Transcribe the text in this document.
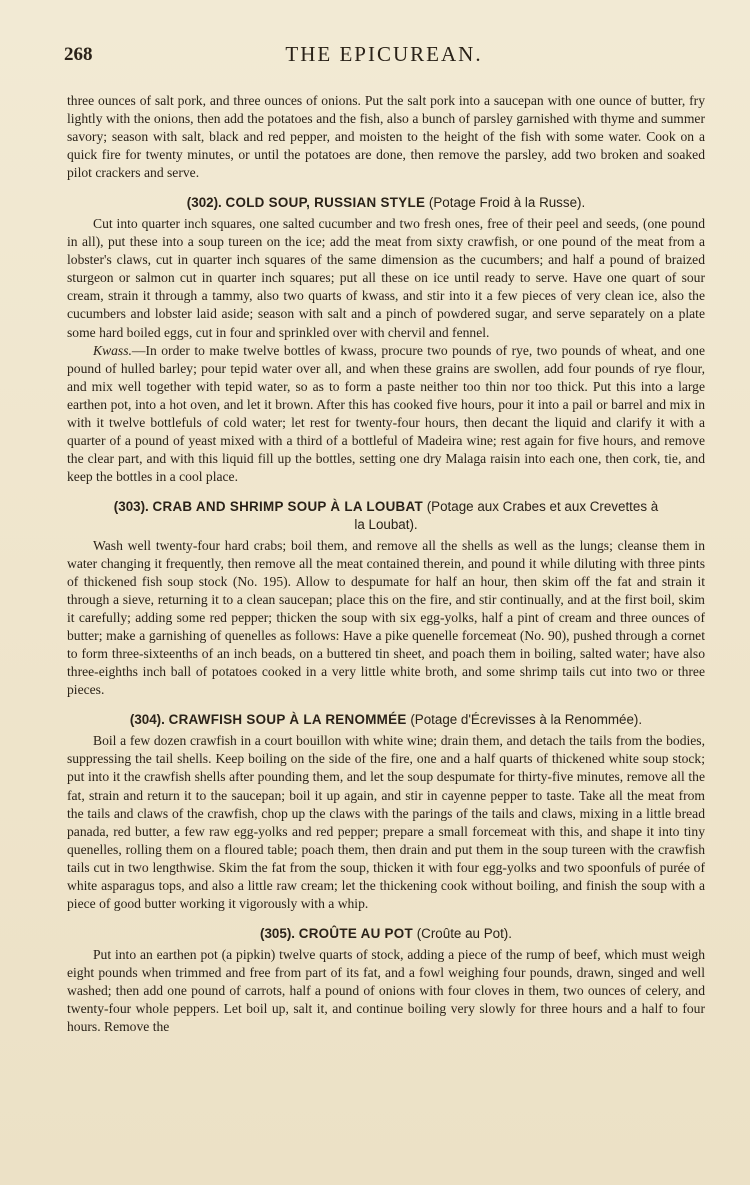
268	THE EPICUREAN.

three ounces of salt pork, and three ounces of onions. Put the salt pork into a saucepan with one ounce of butter, fry lightly with the onions, then add the potatoes and the fish, also a bunch of parsley garnished with thyme and summer savory; season with salt, black and red pepper, and moisten to the height of the fish with some water. Cook on a quick fire for twenty minutes, or until the potatoes are done, then remove the parsley, add two broken and soaked pilot crackers and serve.

(302). COLD SOUP, RUSSIAN STYLE (Potage Froid à la Russe).

Cut into quarter inch squares, one salted cucumber and two fresh ones, free of their peel and seeds, (one pound in all), put these into a soup tureen on the ice; add the meat from sixty crawfish, or one pound of the meat from a lobster's claws, cut in quarter inch squares of the same dimension as the cucumbers; and half a pound of braized sturgeon or salmon cut in quarter inch squares; put all these on ice until ready to serve. Have one quart of sour cream, strain it through a tammy, also two quarts of kwass, and stir into it a few pieces of very clean ice, also the cucumbers and lobster laid aside; season with salt and a pinch of powdered sugar, and serve separately on a plate some hard boiled eggs, cut in four and sprinkled over with chervil and fennel.

Kwass.—In order to make twelve bottles of kwass, procure two pounds of rye, two pounds of wheat, and one pound of hulled barley; pour tepid water over all, and when these grains are swollen, add four pounds of rye flour, and mix well together with tepid water, so as to form a paste neither too thin nor too thick. Put this into a large earthen pot, into a hot oven, and let it brown. After this has cooked five hours, pour it into a pail or barrel and mix in with it twelve bottlefuls of cold water; let rest for twenty-four hours, then decant the liquid and clarify it with a quarter of a pound of yeast mixed with a third of a bottleful of Madeira wine; rest again for five hours, and remove the clear part, and with this liquid fill up the bottles, setting one dry Malaga raisin into each one, then cork, tie, and keep the bottles in a cool place.

(303). CRAB AND SHRIMP SOUP À LA LOUBAT (Potage aux Crabes et aux Crevettes à la Loubat).

Wash well twenty-four hard crabs; boil them, and remove all the shells as well as the lungs; cleanse them in water changing it frequently, then remove all the meat contained therein, and pound it while diluting with three pints of thickened fish soup stock (No. 195). Allow to despumate for half an hour, then skim off the fat and strain it through a sieve, returning it to a clean saucepan; place this on the fire, and stir continually, and at the first boil, skim it carefully; adding some red pepper; thicken the soup with six egg-yolks, half a pint of cream and three ounces of butter; make a garnishing of quenelles as follows: Have a pike quenelle forcemeat (No. 90), pushed through a cornet to form three-sixteenths of an inch beads, on a buttered tin sheet, and poach them in boiling, salted water; have also three-eighths inch ball of potatoes cooked in a very little white broth, and some shrimp tails cut into two or three pieces.

(304). CRAWFISH SOUP À LA RENOMMÉE (Potage d'Écrevisses à la Renommée).

Boil a few dozen crawfish in a court bouillon with white wine; drain them, and detach the tails from the bodies, suppressing the tail shells. Keep boiling on the side of the fire, one and a half quarts of thickened white soup stock; put into it the crawfish shells after pounding them, and let the soup despumate for thirty-five minutes, remove all the fat, strain and return it to the saucepan; boil it up again, and stir in cayenne pepper to taste. Take all the meat from the tails and claws of the crawfish, chop up the claws with the parings of the tails and claws, mixing in a little bread panada, red butter, a few raw egg-yolks and red pepper; prepare a small forcemeat with this, and shape it into tiny quenelles, rolling them on a floured table; poach them, then drain and put them in the soup tureen with the crawfish tails cut in two lengthwise. Skim the fat from the soup, thicken it with four egg-yolks and two spoonfuls of purée of white asparagus tops, and also a little raw cream; let the thickening cook without boiling, and finish the soup with a piece of good butter working it vigorously with a whip.

(305). CROÛTE AU POT (Croûte au Pot).

Put into an earthen pot (a pipkin) twelve quarts of stock, adding a piece of the rump of beef, which must weigh eight pounds when trimmed and free from part of its fat, and a fowl weighing four pounds, drawn, singed and well washed; then add one pound of carrots, half a pound of onions with four cloves in them, two ounces of celery, and twenty-four whole peppers. Let boil up, salt it, and continue boiling very slowly for three hours and a half to four hours. Remove the
